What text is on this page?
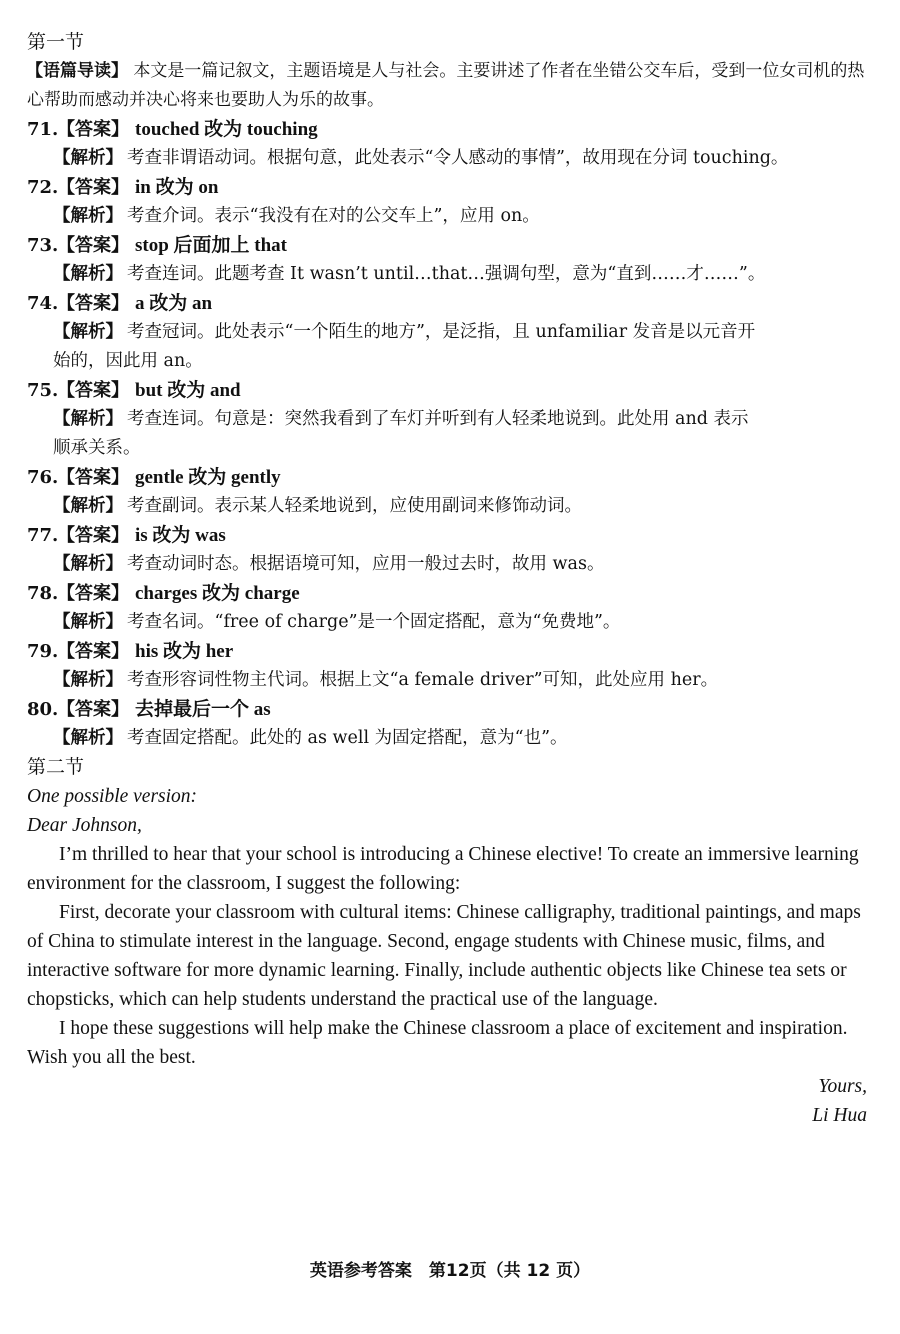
第一节
【语篇导读】 本文是一篇记叙文，主题语境是人与社会。主要讲述了作者在坐错公交车后，受到一位女司机的热心帮助而感动并决心将来也要助人为乐的故事。
71.【答案】 touched 改为 touching
【解析】 考查非谓语动词。根据句意，此处表示“令人感动的事情”，故用现在分词 touching。
72.【答案】 in 改为 on
【解析】 考查介词。表示“我没有在对的公交车上”，应用 on。
73.【答案】 stop 后面加上 that
【解析】 考查连词。此题考查 It wasn’t until…that…强调句型，意为“直到……才……”。
74.【答案】 a 改为 an
【解析】 考查冠词。此处表示“一个陌生的地方”，是泛指，且 unfamiliar 发音是以元音开
始的，因此用 an。
75.【答案】 but 改为 and
【解析】 考查连词。句意是：突然我看到了车灯并听到有人轻柔地说到。此处用 and 表示
顺承关系。
76.【答案】 gentle 改为 gently
【解析】 考查副词。表示某人轻柔地说到，应使用副词来修饰动词。
77.【答案】 is 改为 was
【解析】 考查动词时态。根据语境可知，应用一般过去时，故用 was。
78.【答案】 charges 改为 charge
【解析】 考查名词。“free of charge”是一个固定搭配，意为“免费地”。
79.【答案】 his 改为 her
【解析】 考查形容词性物主代词。根据上文“a female driver”可知，此处应用 her。
80.【答案】 去掉最后一个 as
【解析】 考查固定搭配。此处的 as well 为固定搭配，意为“也”。
第二节
One possible version:
Dear Johnson,

I’m thrilled to hear that your school is introducing a Chinese elective! To create an immersive learning environment for the classroom, I suggest the following:

First, decorate your classroom with cultural items: Chinese calligraphy, traditional paintings, and maps of China to stimulate interest in the language. Second, engage students with Chinese music, films, and interactive software for more dynamic learning. Finally, include authentic objects like Chinese tea sets or chopsticks, which can help students understand the practical use of the language.

I hope these suggestions will help make the Chinese classroom a place of excitement and inspiration. Wish you all the best.

Yours,
Li Hua
英语参考答案　第12页（共 12 页）
